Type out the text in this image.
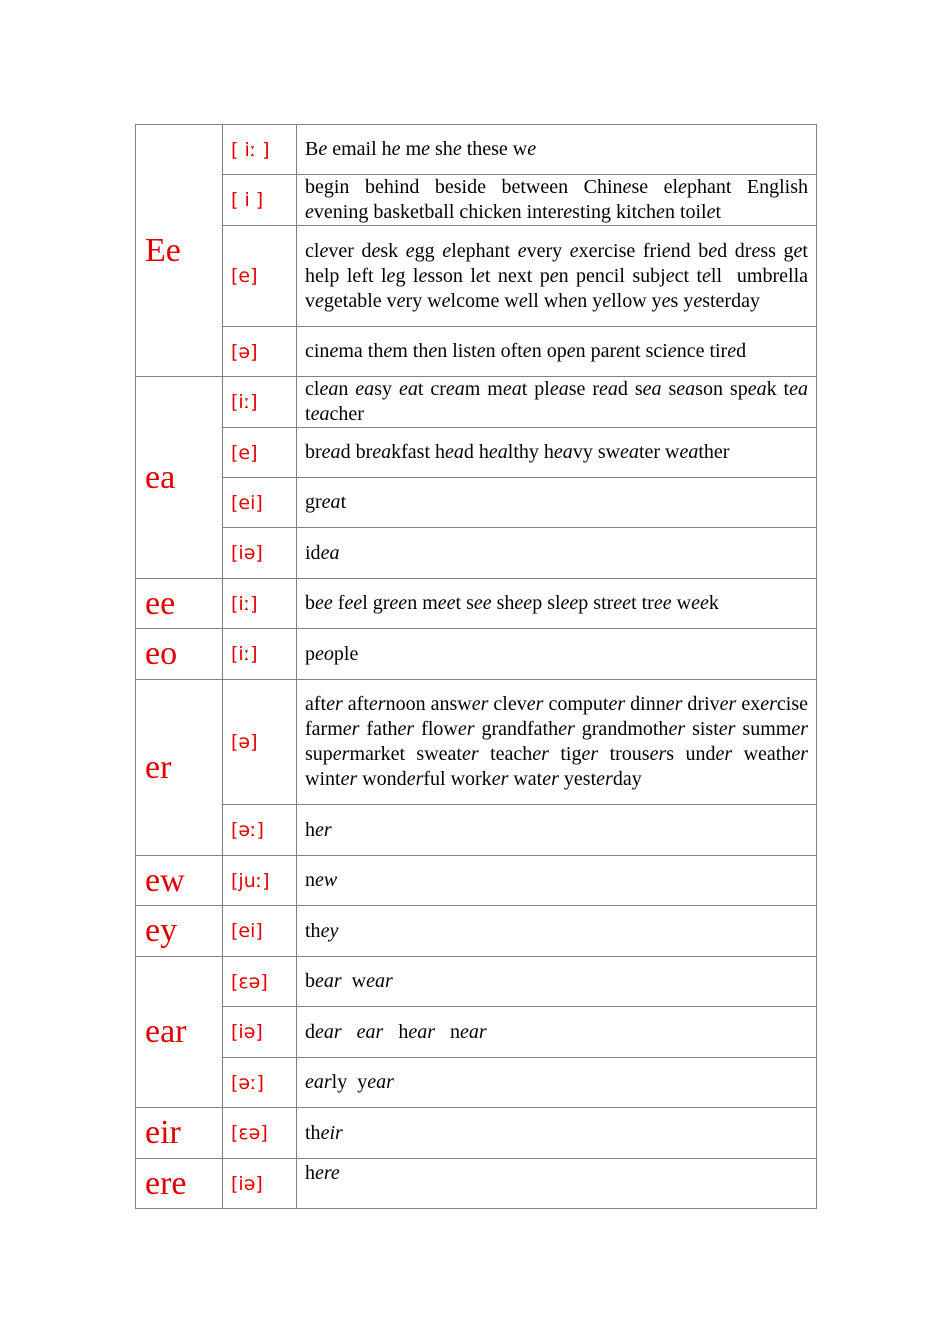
Ee	[ iː ]	Be email he me she these we
	[ i ]	begin behind beside between Chinese elephant English evening basketball chicken interesting kitchen toilet
	[e]	clever desk egg elephant every exercise friend bed dress get help left leg lesson let next pen pencil subject tell  umbrella vegetable very welcome well when yellow yes yesterday
	[ə]	cinema them then listen often open parent science tired
ea	[iː]	clean easy eat cream meat please read sea season speak tea teacher
	[e]	bread breakfast head healthy heavy sweater weather
	[ei]	great
	[iə]	idea
ee	[iː]	bee feel green meet see sheep sleep street tree week
eo	[iː]	people
er	[ə]	after afternoon answer clever computer dinner driver exercise farmer father flower grandfather grandmother sister summer supermarket sweater teacher tiger trousers under weather winter wonderful worker water yesterday
	[əː]	her
ew	[juː]	new
ey	[ei]	they
ear	[εə]	bear  wear
	[iə]	dear ear   hear   near
	[əː]	early  year
eir	[εə]	their
ere	[iə]	here
